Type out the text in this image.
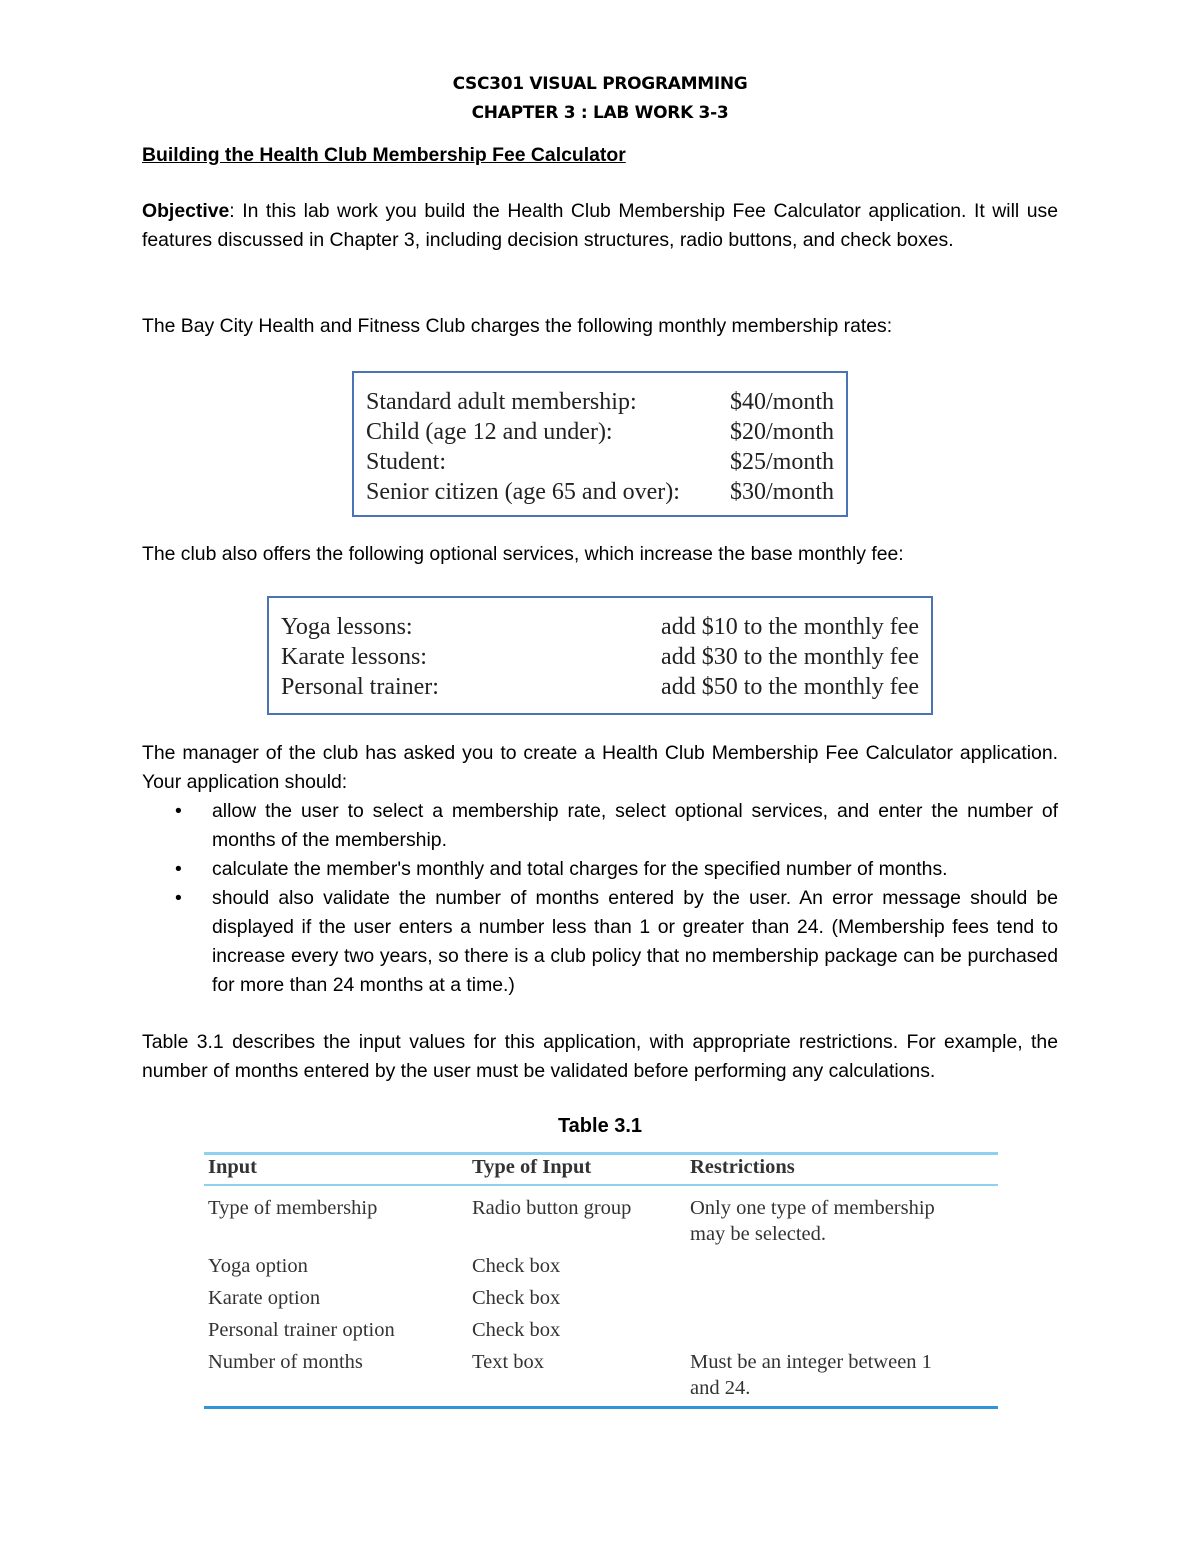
CSC301 VISUAL PROGRAMMING
CHAPTER 3 : LAB WORK 3-3
Building the Health Club Membership Fee Calculator
Objective: In this lab work you build the Health Club Membership Fee Calculator application. It will use features discussed in Chapter 3, including decision structures, radio buttons, and check boxes.
The Bay City Health and Fitness Club charges the following monthly membership rates:
Standard adult membership:	$40/month
Child (age 12 and under):	$20/month
Student:	$25/month
Senior citizen (age 65 and over): $30/month
The club also offers the following optional services, which increase the base monthly fee:
Yoga lessons:	add $10 to the monthly fee
Karate lessons:	add $30 to the monthly fee
Personal trainer:	add $50 to the monthly fee
The manager of the club has asked you to create a Health Club Membership Fee Calculator application. Your application should:
• allow the user to select a membership rate, select optional services, and enter the number of months of the membership.
• calculate the member's monthly and total charges for the specified number of months.
• should also validate the number of months entered by the user. An error message should be displayed if the user enters a number less than 1 or greater than 24. (Membership fees tend to increase every two years, so there is a club policy that no membership package can be purchased for more than 24 months at a time.)
Table 3.1 describes the input values for this application, with appropriate restrictions. For example, the number of months entered by the user must be validated before performing any calculations.
Table 3.1
Input	Type of Input	Restrictions
Type of membership	Radio button group	Only one type of membership may be selected.
Yoga option	Check box
Karate option	Check box
Personal trainer option	Check box
Number of months	Text box	Must be an integer between 1 and 24.
